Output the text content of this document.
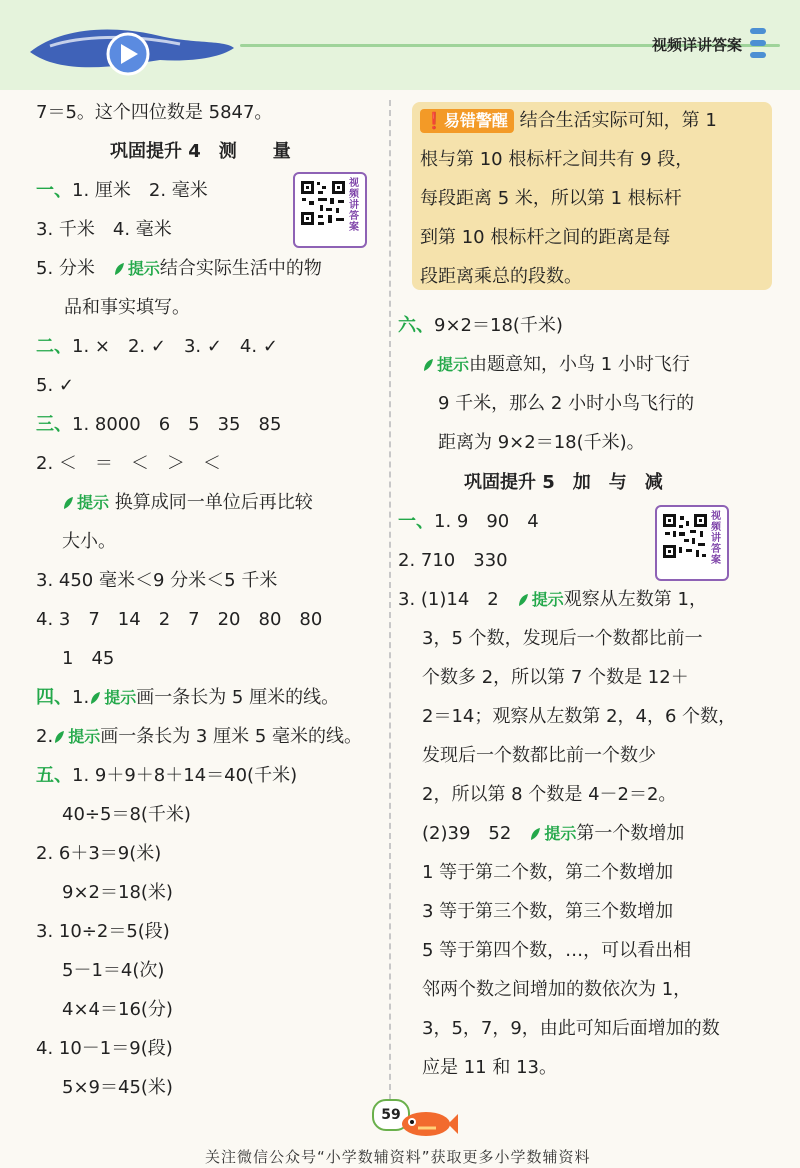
视频详讲答案
7＝5。这个四位数是 5847。
巩固提升 4　测　　量
一、1. 厘米　2. 毫米
3. 千米　4. 毫米
5. 分米　 提示结合实际生活中的物
品和事实填写。
二、1. ×　2. ✓　3. ✓　4. ✓
5. ✓
三、1. 8000　6　5　35　85
2. ＜　＝　＜　＞　＜
提示 换算成同一单位后再比较
大小。
3. 450 毫米＜9 分米＜5 千米
4. 3　7　14　2　7　20　80　80
1　45
四、1. 提示画一条长为 5 厘米的线。
2. 提示画一条长为 3 厘米 5 毫米的线。
五、1. 9＋9＋8＋14＝40(千米)
40÷5＝8(千米)
2. 6＋3＝9(米)
9×2＝18(米)
3. 10÷2＝5(段)
5－1＝4(次)
4×4＝16(分)
4. 10－1＝9(段)
5×9＝45(米)
视频讲答案
视频讲答案
❗易错警醒 结合生活实际可知，第 1
根与第 10 根标杆之间共有 9 段，
每段距离 5 米，所以第 1 根标杆
到第 10 根标杆之间的距离是每
段距离乘总的段数。
六、9×2＝18(千米)
提示由题意知，小鸟 1 小时飞行
9 千米，那么 2 小时小鸟飞行的
距离为 9×2＝18(千米)。
巩固提升 5　加　与　减
一、1. 9　90　4
2. 710　330
3. (1)14　2　 提示观察从左数第 1，
3，5 个数，发现后一个数都比前一
个数多 2，所以第 7 个数是 12＋
2＝14；观察从左数第 2，4，6 个数，
发现后一个数都比前一个数少
2，所以第 8 个数是 4－2＝2。
(2)39　52　 提示第一个数增加
1 等于第二个数，第二个数增加
3 等于第三个数，第三个数增加
5 等于第四个数，…，可以看出相
邻两个数之间增加的数依次为 1，
3，5，7，9，由此可知后面增加的数
应是 11 和 13。
59
关注微信公众号“小学数辅资料”获取更多小学数辅资料
